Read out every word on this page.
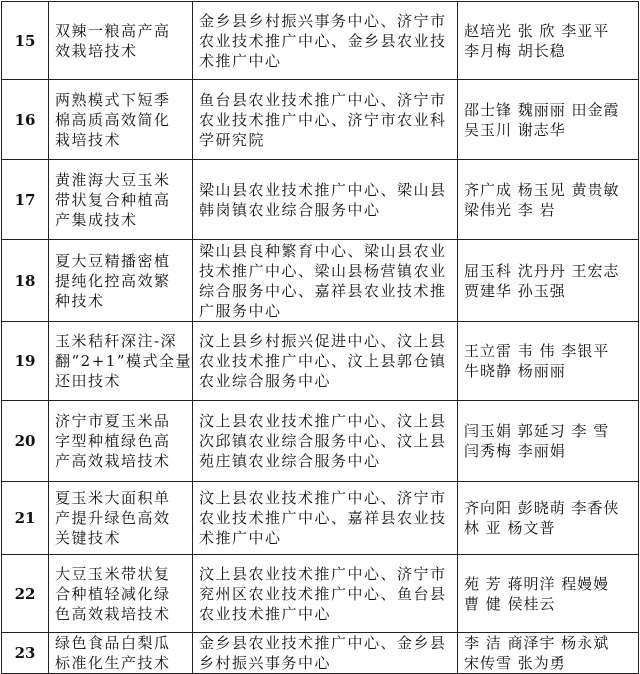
15	双辣一粮高产高
效栽培技术	金乡县乡村振兴事务中心、济宁市
农业技术推广中心、金乡县农业技
术推广中心	赵培光 张 欣 李亚平
李月梅 胡长稳

16	两熟模式下短季
棉高质高效简化
栽培技术	鱼台县农业技术推广中心、济宁市
农业技术推广中心、济宁市农业科
学研究院	邵士锋 魏丽丽 田金霞
吴玉川 谢志华

17	黄淮海大豆玉米
带状复合种植高
产集成技术	梁山县农业技术推广中心、梁山县
韩岗镇农业综合服务中心	齐广成 杨玉见 黄贵敏
梁伟光 李 岩

18	夏大豆精播密植
提纯化控高效繁
种技术	梁山县良种繁育中心、梁山县农业
技术推广中心、梁山县杨营镇农业
综合服务中心、嘉祥县农业技术推
广服务中心	屈玉科 沈丹丹 王宏志
贾建华 孙玉强

19	玉米秸秆深注-深
翻“2+1”模式全量
还田技术	汶上县乡村振兴促进中心、汶上县
农业技术推广中心、汶上县郭仓镇
农业综合服务中心	王立雷 韦 伟 李银平
牛晓静 杨丽丽

20	济宁市夏玉米品
字型种植绿色高
产高效栽培技术	汶上县农业技术推广中心、汶上县
次邱镇农业综合服务中心、汶上县
苑庄镇农业综合服务中心	闫玉娟 郭延习 李 雪
闫秀梅 李丽娟

21	夏玉米大面积单
产提升绿色高效
关键技术	汶上县农业技术推广中心、济宁市
农业技术推广中心、嘉祥县农业技
术推广中心	齐向阳 彭晓萌 李香侠
林 亚 杨文普

22	大豆玉米带状复
合种植轻减化绿
色高效栽培技术	汶上县农业技术推广中心、济宁市
兖州区农业技术推广中心、鱼台县
农业技术推广中心	苑 芳 蒋明洋 程嫚嫚
曹 健 侯桂云

23	绿色食品白梨瓜
标准化生产技术	金乡县农业技术推广中心、金乡县
乡村振兴事务中心	李 洁 商泽宇 杨永斌
宋传雪 张为勇
